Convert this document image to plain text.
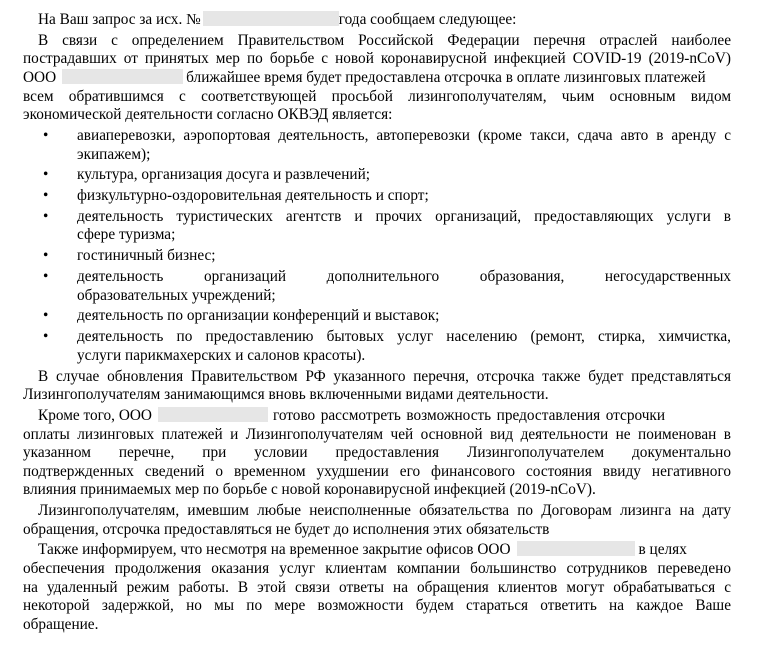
На Ваш запрос за исх. №	года сообщаем следующее:
В связи с определением Правительством Российской Федерации перечня отраслей наиболее
пострадавших от принятых мер по борьбе с новой коронавирусной инфекцией COVID-19 (2019-nCoV)
ООО	ближайшее время будет предоставлена отсрочка в оплате лизинговых платежей
всем обратившимся с соответствующей просьбой лизингополучателям, чьим основным видом
экономической деятельности согласно ОКВЭД является:
• авиаперевозки, аэропортовая деятельность, автоперевозки (кроме такси, сдача авто в аренду с
экипажем);
• культура, организация досуга и развлечений;
• физкультурно-оздоровительная деятельность и спорт;
• деятельность туристических агентств и прочих организаций, предоставляющих услуги в
сфере туризма;
• гостиничный бизнес;
• деятельность организаций дополнительного образования, негосударственных
образовательных учреждений;
• деятельность по организации конференций и выставок;
• деятельность по предоставлению бытовых услуг населению (ремонт, стирка, химчистка,
услуги парикмахерских и салонов красоты).
В случае обновления Правительством РФ указанного перечня, отсрочка также будет представляться
Лизингополучателям занимающимся вновь включенными видами деятельности.
Кроме того, ООО	готово рассмотреть возможность предоставления отсрочки
оплаты лизинговых платежей и Лизингополучателям чей основной вид деятельности не поименован в
указанном перечне, при условии предоставления Лизингополучателем документально
подтвержденных сведений о временном ухудшении его финансового состояния ввиду негативного
влияния принимаемых мер по борьбе с новой коронавирусной инфекцией (2019-nCoV).
Лизингополучателям, имевшим любые неисполненные обязательства по Договорам лизинга на дату
обращения, отсрочка предоставляться не будет до исполнения этих обязательств
Также информируем, что несмотря на временное закрытие офисов ООО	в целях
обеспечения продолжения оказания услуг клиентам компании большинство сотрудников переведено
на удаленный режим работы. В этой связи ответы на обращения клиентов могут обрабатываться с
некоторой задержкой, но мы по мере возможности будем стараться ответить на каждое Ваше
обращение.
